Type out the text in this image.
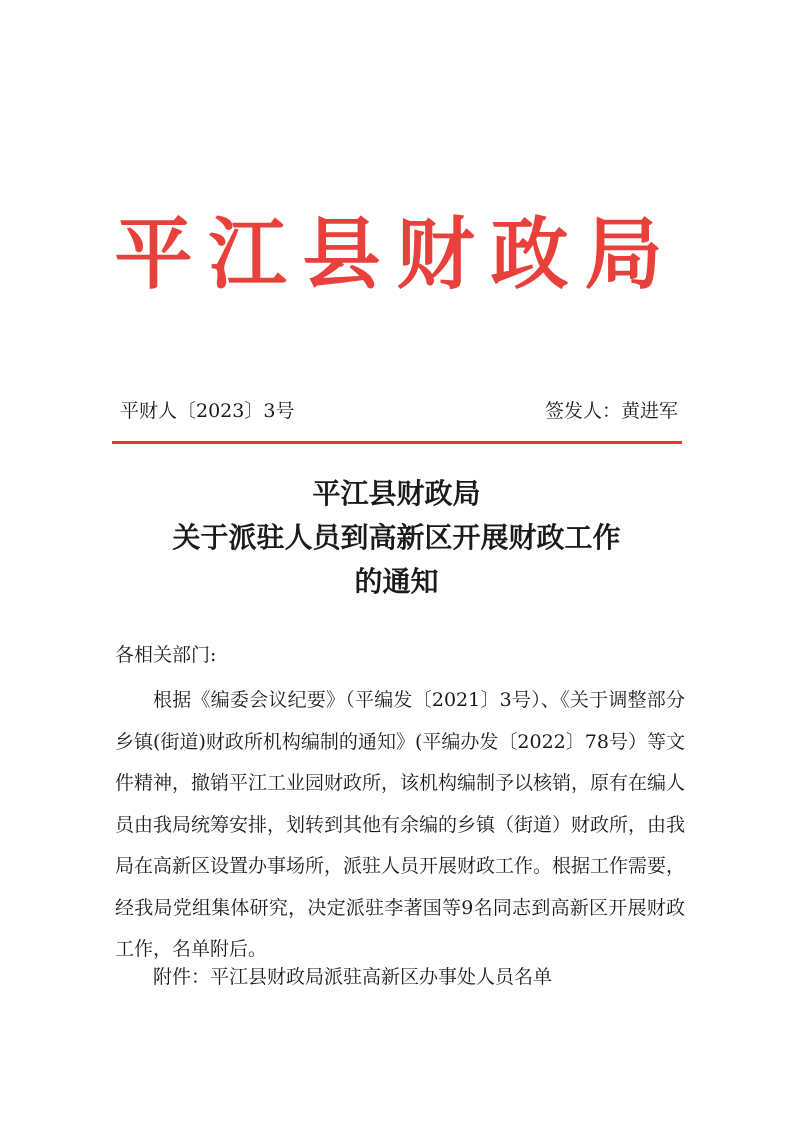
平江县财政局
平财人〔2023〕3号	签发人：黄进军
平江县财政局
关于派驻人员到高新区开展财政工作
的通知
各相关部门:

根据《编委会议纪要》（平编发〔2021〕3号）、《关于调整部分乡镇(街道)财政所机构编制的通知》(平编办发〔2022〕78号）等文件精神，撤销平江工业园财政所，该机构编制予以核销，原有在编人员由我局统筹安排，划转到其他有余编的乡镇（街道）财政所，由我局在高新区设置办事场所，派驻人员开展财政工作。根据工作需要，经我局党组集体研究，决定派驻李著国等9名同志到高新区开展财政工作，名单附后。

附件：平江县财政局派驻高新区办事处人员名单
